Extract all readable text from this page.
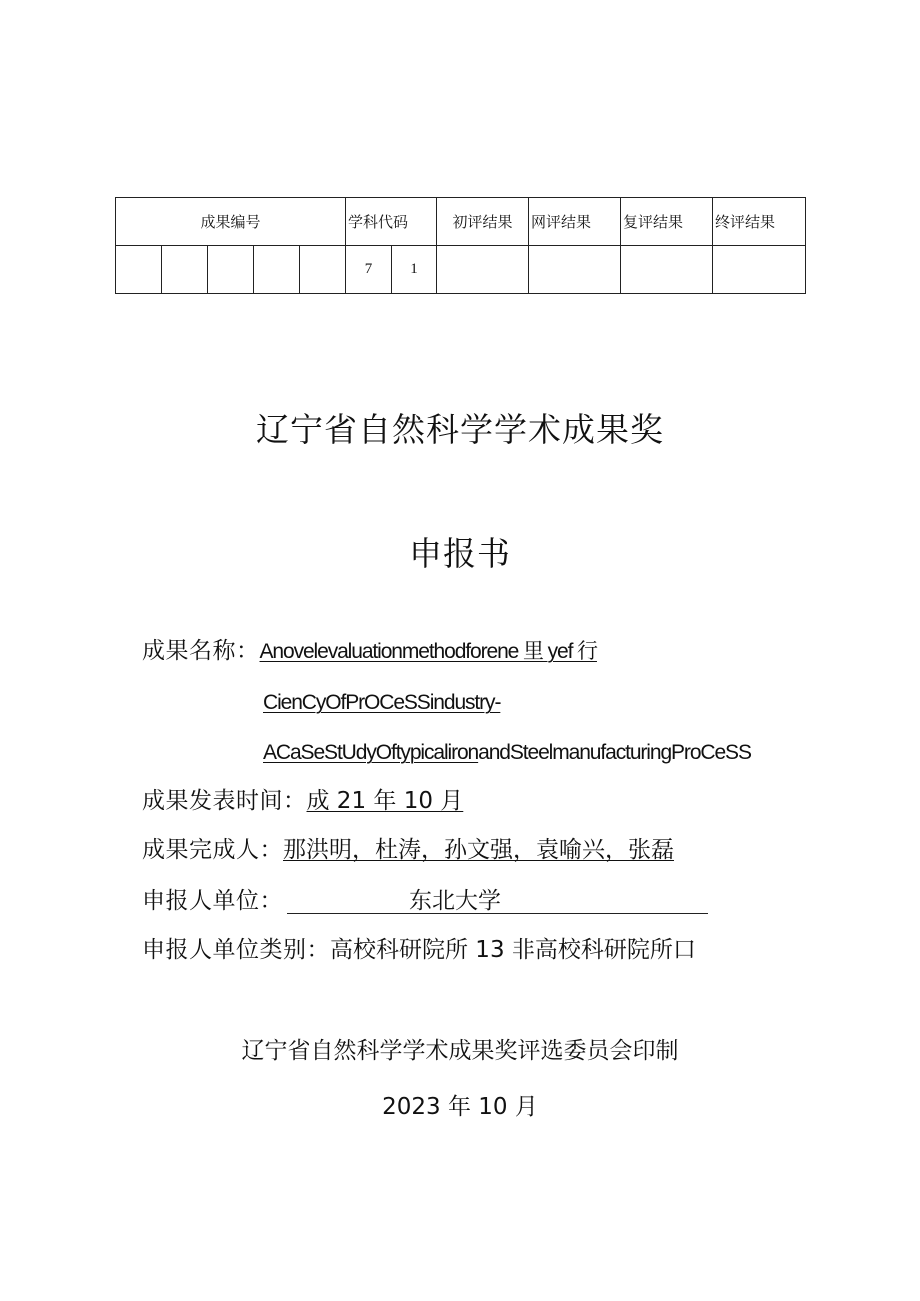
成果编号					学科代码		初评结果	网评结果	复评结果	终评结果
					7	1				
辽宁省自然科学学术成果奖
申报书
成果名称：Anovelevaluationmethodforene 里 yef 行
CienCyOfPrOCeSSindustry-
ACaSeStUdyOftypicalironandSteelmanufacturingProCeSS
成果发表时间：成 21 年 10 月
成果完成人：那洪明，杜涛，孙文强，袁喻兴，张磊
申报人单位：	东北大学
申报人单位类别：高校科研院所 13 非高校科研院所口
辽宁省自然科学学术成果奖评选委员会印制
2023 年 10 月
